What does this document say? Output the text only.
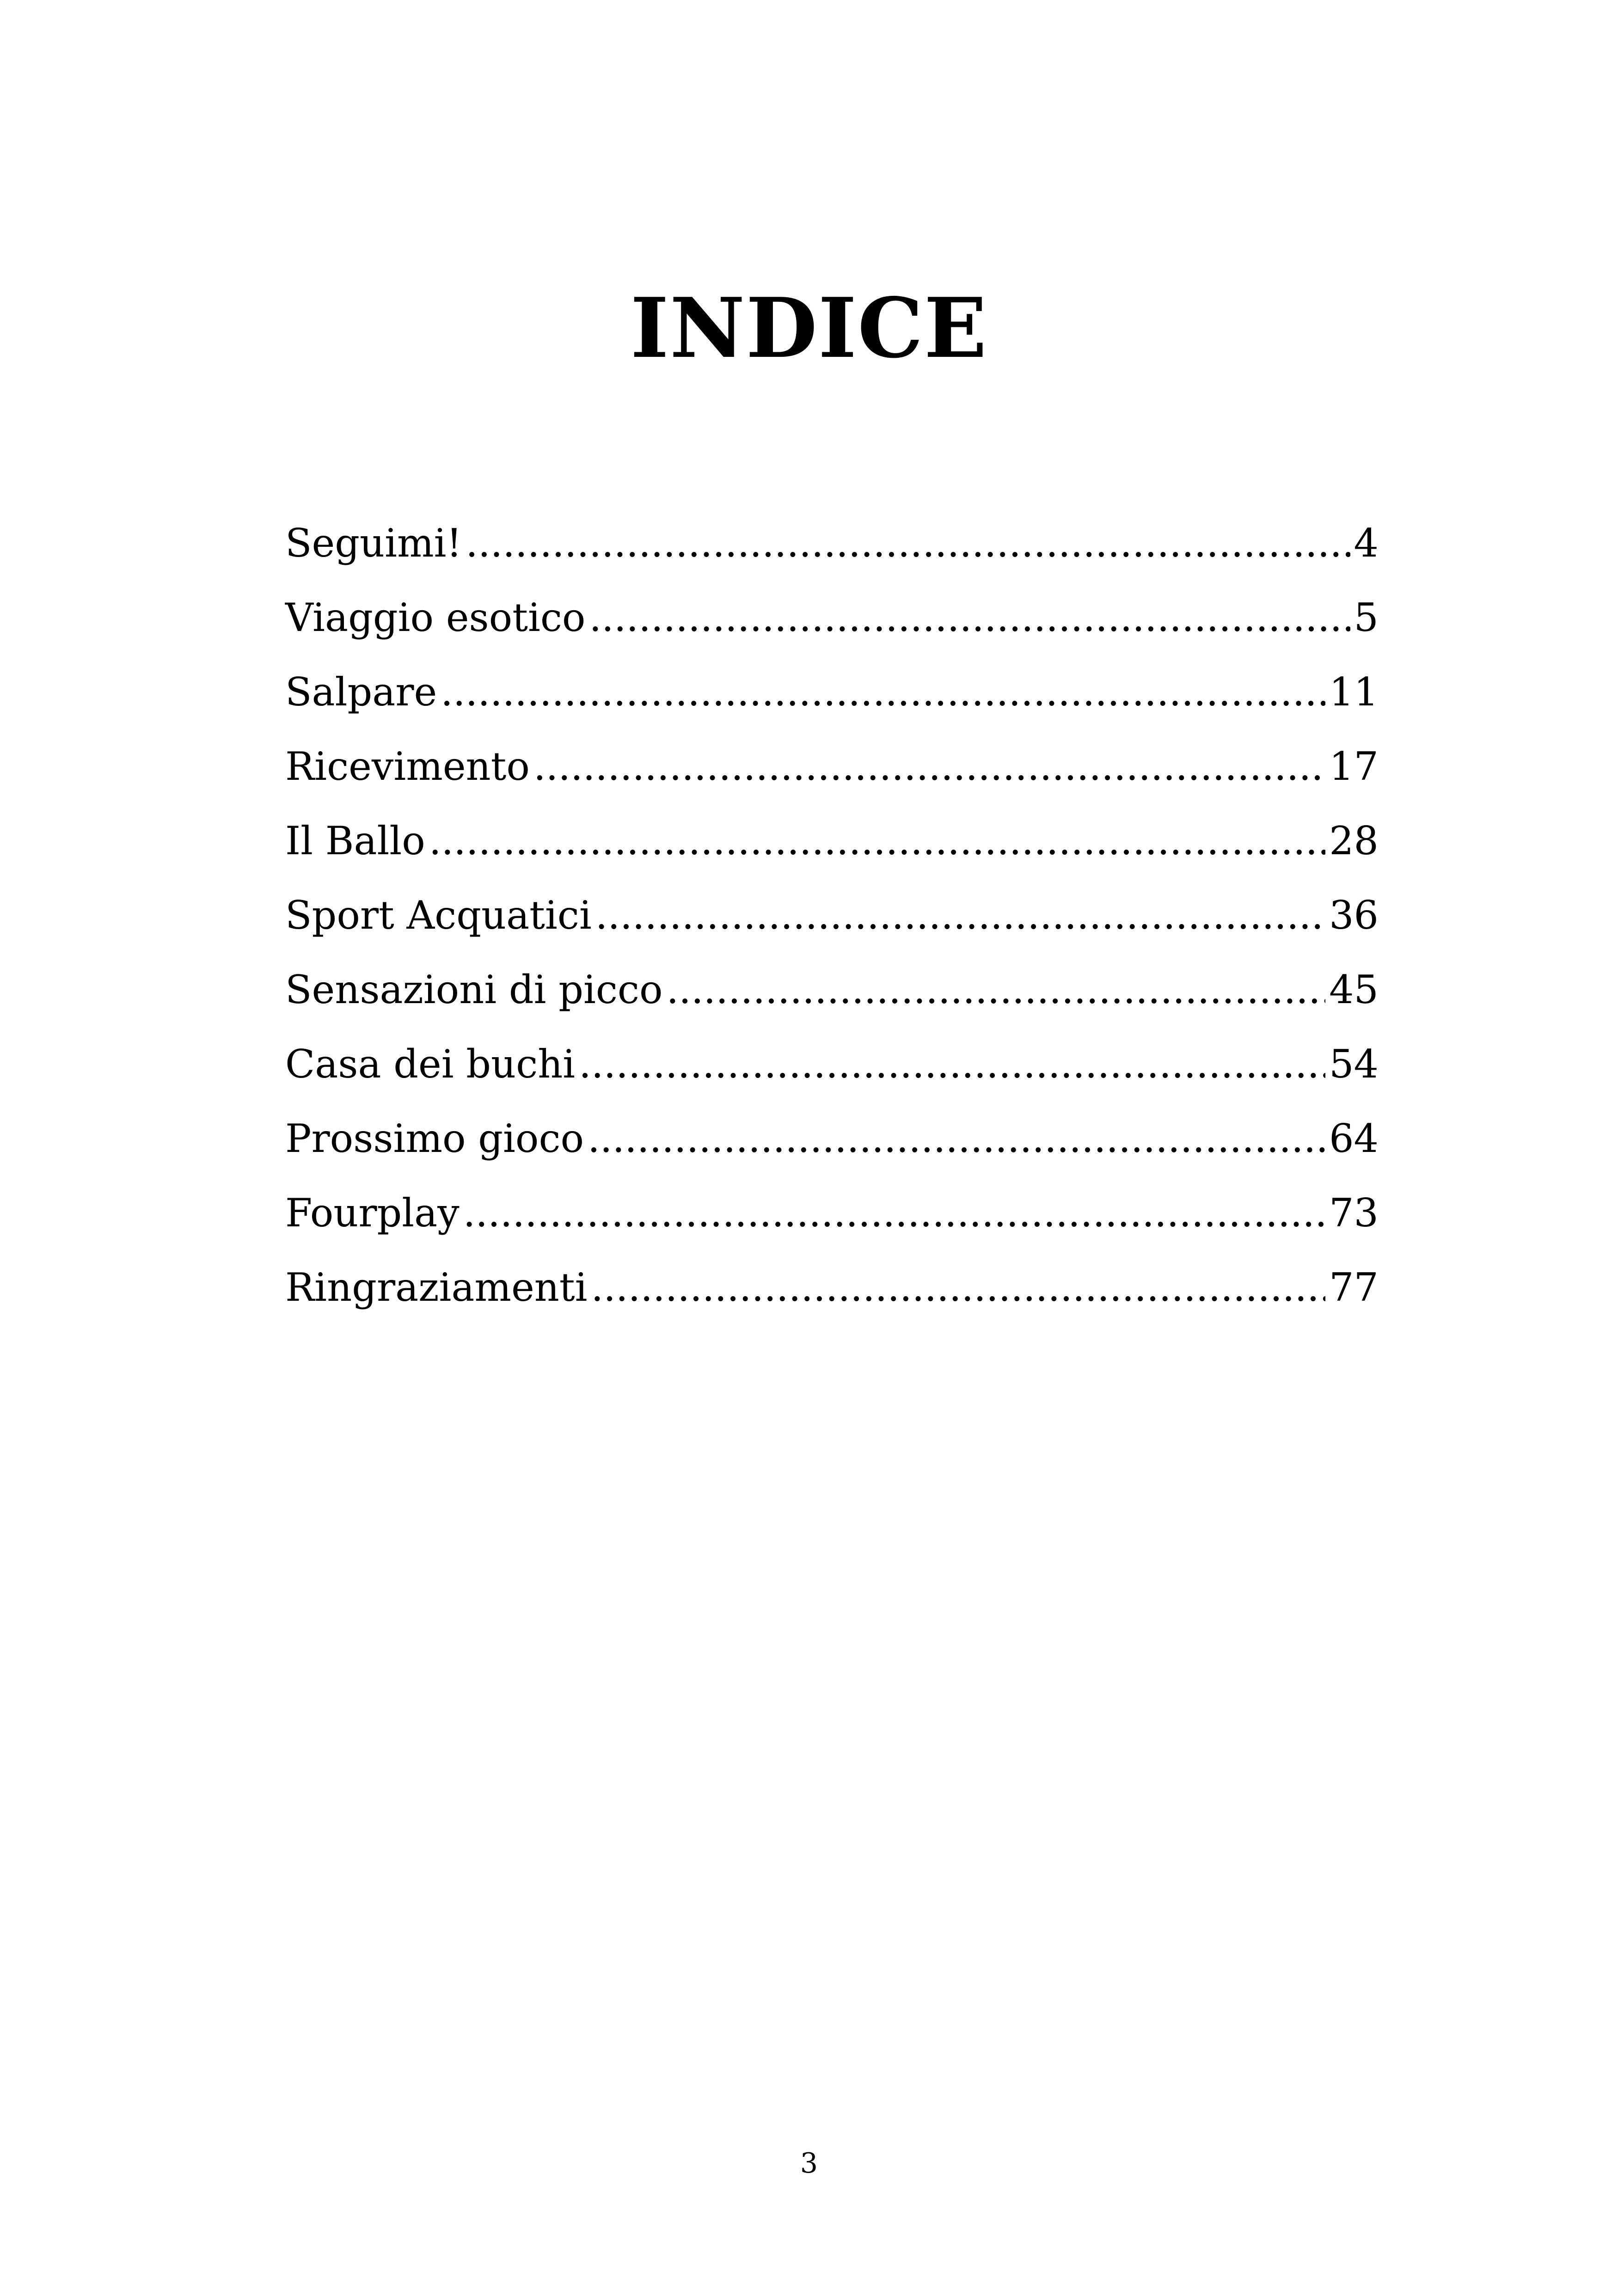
INDICE
Seguimi! .....	4
Viaggio esotico .....	5
Salpare .....	11
Ricevimento .....	17
Il Ballo .....	28
Sport Acquatici .....	36
Sensazioni di picco .....	45
Casa dei buchi .....	54
Prossimo gioco .....	64
Fourplay .....	73
Ringraziamenti .....	77
3
